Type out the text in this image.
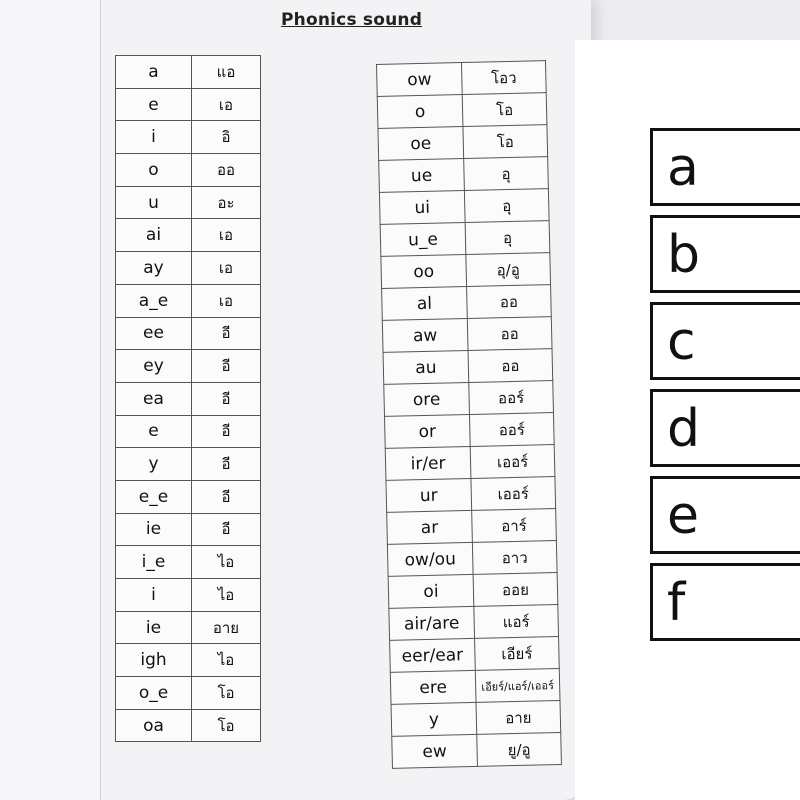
Phonics sound
a	แอ
e	เอ
i	อิ
o	ออ
u	อะ
ai	เอ
ay	เอ
a_e	เอ
ee	อี
ey	อี
ea	อี
e	อี
y	อี
e_e	อี
ie	อี
i_e	ไอ
i	ไอ
ie	อาย
igh	ไอ
o_e	โอ
oa	โอ
ow	โอว
o	โอ
oe	โอ
ue	อุ
ui	อุ
u_e	อุ
oo	อุ/อู
al	ออ
aw	ออ
au	ออ
ore	ออร์
or	ออร์
ir/er	เออร์
ur	เออร์
ar	อาร์
ow/ou	อาว
oi	ออย
air/are	แอร์
eer/ear	เอียร์
ere	เอียร์/แอร์/เออร์
y	อาย
ew	ยู/อู
a
b
c
d
e
f
